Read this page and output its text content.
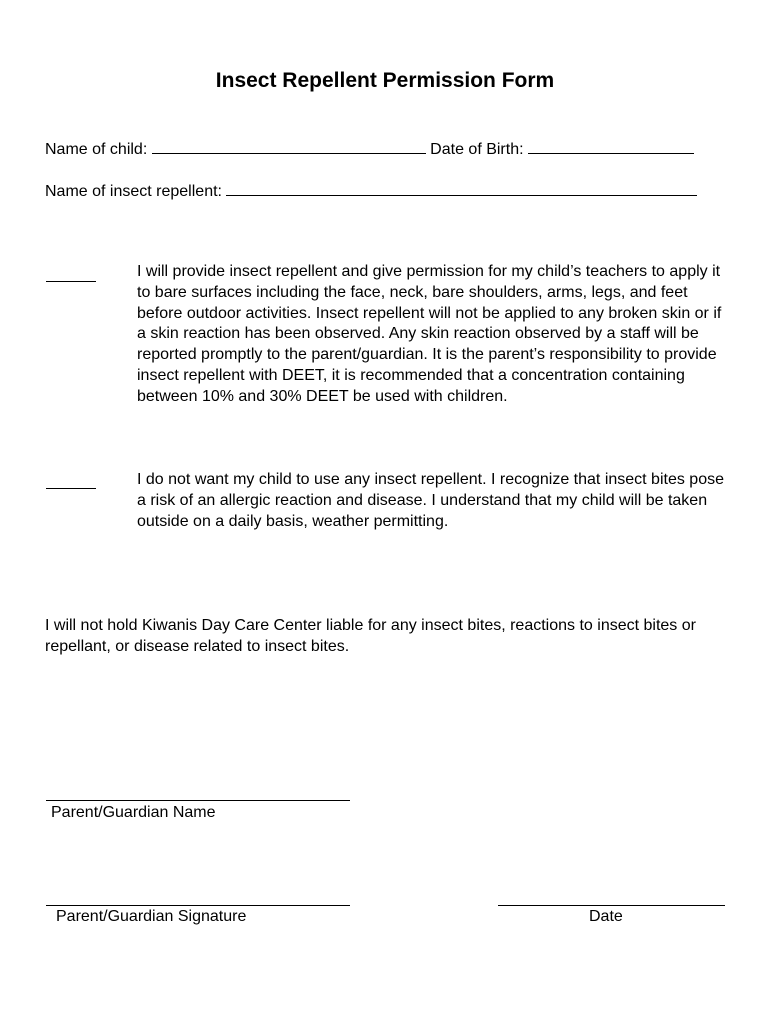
Insect Repellent Permission Form
Name of child:	Date of Birth:
Name of insect repellent:
I will provide insect repellent and give permission for my child’s teachers to apply it to bare surfaces including the face, neck, bare shoulders, arms, legs, and feet before outdoor activities. Insect repellent will not be applied to any broken skin or if a skin reaction has been observed. Any skin reaction observed by a staff will be reported promptly to the parent/guardian. It is the parent’s responsibility to provide insect repellent with DEET, it is recommended that a concentration containing between 10% and 30% DEET be used with children.
I do not want my child to use any insect repellent. I recognize that insect bites pose a risk of an allergic reaction and disease. I understand that my child will be taken outside on a daily basis, weather permitting.
I will not hold Kiwanis Day Care Center liable for any insect bites, reactions to insect bites or repellant, or disease related to insect bites.
Parent/Guardian Name
Parent/Guardian Signature	Date
